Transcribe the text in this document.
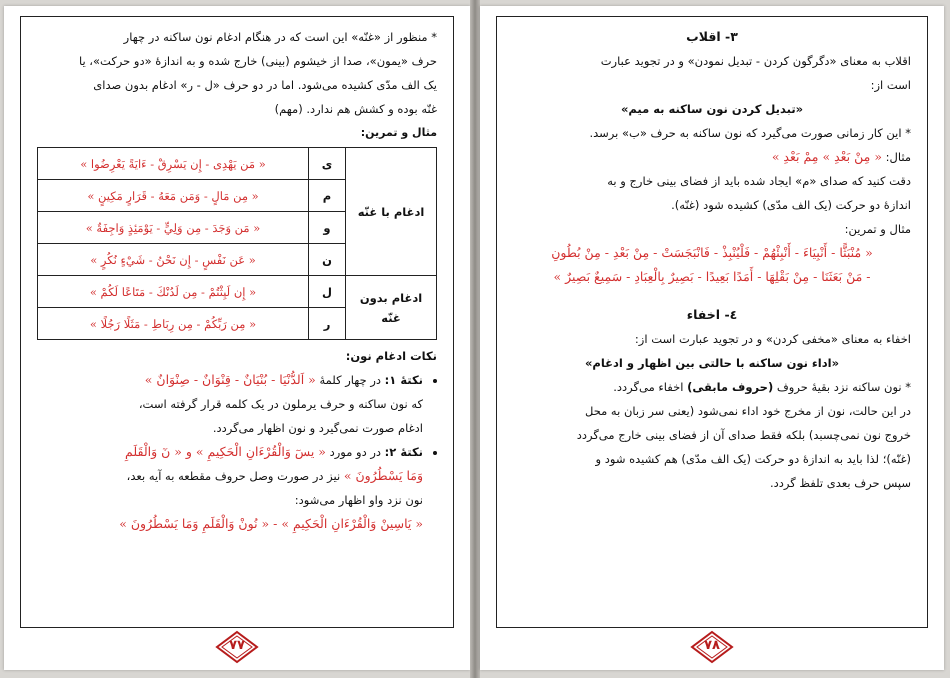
* منظور از «غنّه» این است که در هنگام ادغام نون ساکنه در چهار

حرف «یمون»، صدا از خیشوم (بینی) خارج شده و به اندازهٔ «دو حرکت»، یا

یک الف مدّی کشیده می‌شود. اما در دو حرف «ل - ر» ادغام بدون صدای

غنّه بوده و کشش هم ندارد. (مهم)

مثال و تمرین:

ادغام با غنّه	ی	« مَن يَهْدِی - إِن يَسْرِقْ - ءَايَةً يَعْرِضُوا »
	م	« مِن مَالٍ - وَمَن مَعَهُ - قَرَارٍ مَكِينٍ »
	و	« مَن وَجَدَ - مِن وَلِيٍّ - يَوْمَئِذٍ وَاجِفَةٌ »
	ن	« عَن نَفْسٍ - إِن نَحْنُ - شَيْءٍ نُكُرٍ »
ادغام بدون
غنّه	ل	« إِن لَيِثْتُمْ - مِن لَدُنْكَ - مَتَاعًا لَكُمْ »
	ر	« مِن رَبِّكُمْ - مِن رِبَاطِ - مَثَلًا رَجُلًا »

نکات ادغام نون:

• نکتهٔ ۱: در چهار کلمهٔ « اَلدُّنْيَا - بُنْيَانٌ - قِنْوَانٌ - صِنْوَانٌ »

که نون ساکنه و حرف یرملون در یک کلمه قرار گرفته است،

ادغام صورت نمی‌گیرد و نون اظهار می‌گردد.

• نکتهٔ ۲: در دو مورد « يسٓ وَالْقُرْءَانِ الْحَكِيمِ » و « نٓ وَالْقَلَمِ

وَمَا يَسْطُرُونَ » نیز در صورت وصل حروف مقطعه به آیه بعد،

نون نزد واو اظهار می‌شود:

« يَاسِينْ وَالْقُرْءَانِ الْحَكِيمِ » - « نُونْ وَالْقَلَمِ وَمَا يَسْطُرُونَ »

۷۷

۳- اقلاب

اقلاب به معنای «دگرگون کردن - تبدیل نمودن» و در تجوید عبارت

است از:

«تبدیل کردن نون ساکنه به میم»

* این کار زمانی صورت می‌گیرد که نون ساکنه به حرف «ب» برسد.

مثال: « مِنْ بَعْدِ » مِمْ بَعْدِ »

دقت کنید که صدای «م» ایجاد شده باید از فضای بینی خارج و به

اندازهٔ دو حرکت (یک الف مدّی) کشیده شود (غنّه).

مثال و تمرین:

« مُنْبَثًّا - أَنْبِيَاءَ - أَنْبِئْهُمْ - فَلْيُنْبِذْ - فَانْبَجَسَتْ - مِنْ بَعْدِ - مِنْ بُطُونِ

- مَنْ بَعَثَنَا - مِنْ بَقْلِهَا - أَمَدًا بَعِيدًا - بَصِيرٌ بِالْعِبَادِ - سَمِيعٌ بَصِيرٌ »

٤- اخفاء

اخفاء به معنای «مخفی کردن» و در تجوید عبارت است از:

«اداء نون ساکنه با حالتی بین اظهار و ادغام»

* نون ساکنه نزد بقیهٔ حروف (حروف مابقی) اخفاء می‌گردد.

در این حالت، نون از مخرج خود اداء نمی‌شود (یعنی سر زبان به محل

خروج نون نمی‌چسبد) بلکه فقط صدای آن از فضای بینی خارج می‌گردد

(غنّه)؛ لذا باید به اندازهٔ دو حرکت (یک الف مدّی) هم کشیده شود و

سپس حرف بعدی تلفظ گردد.

۷۸
